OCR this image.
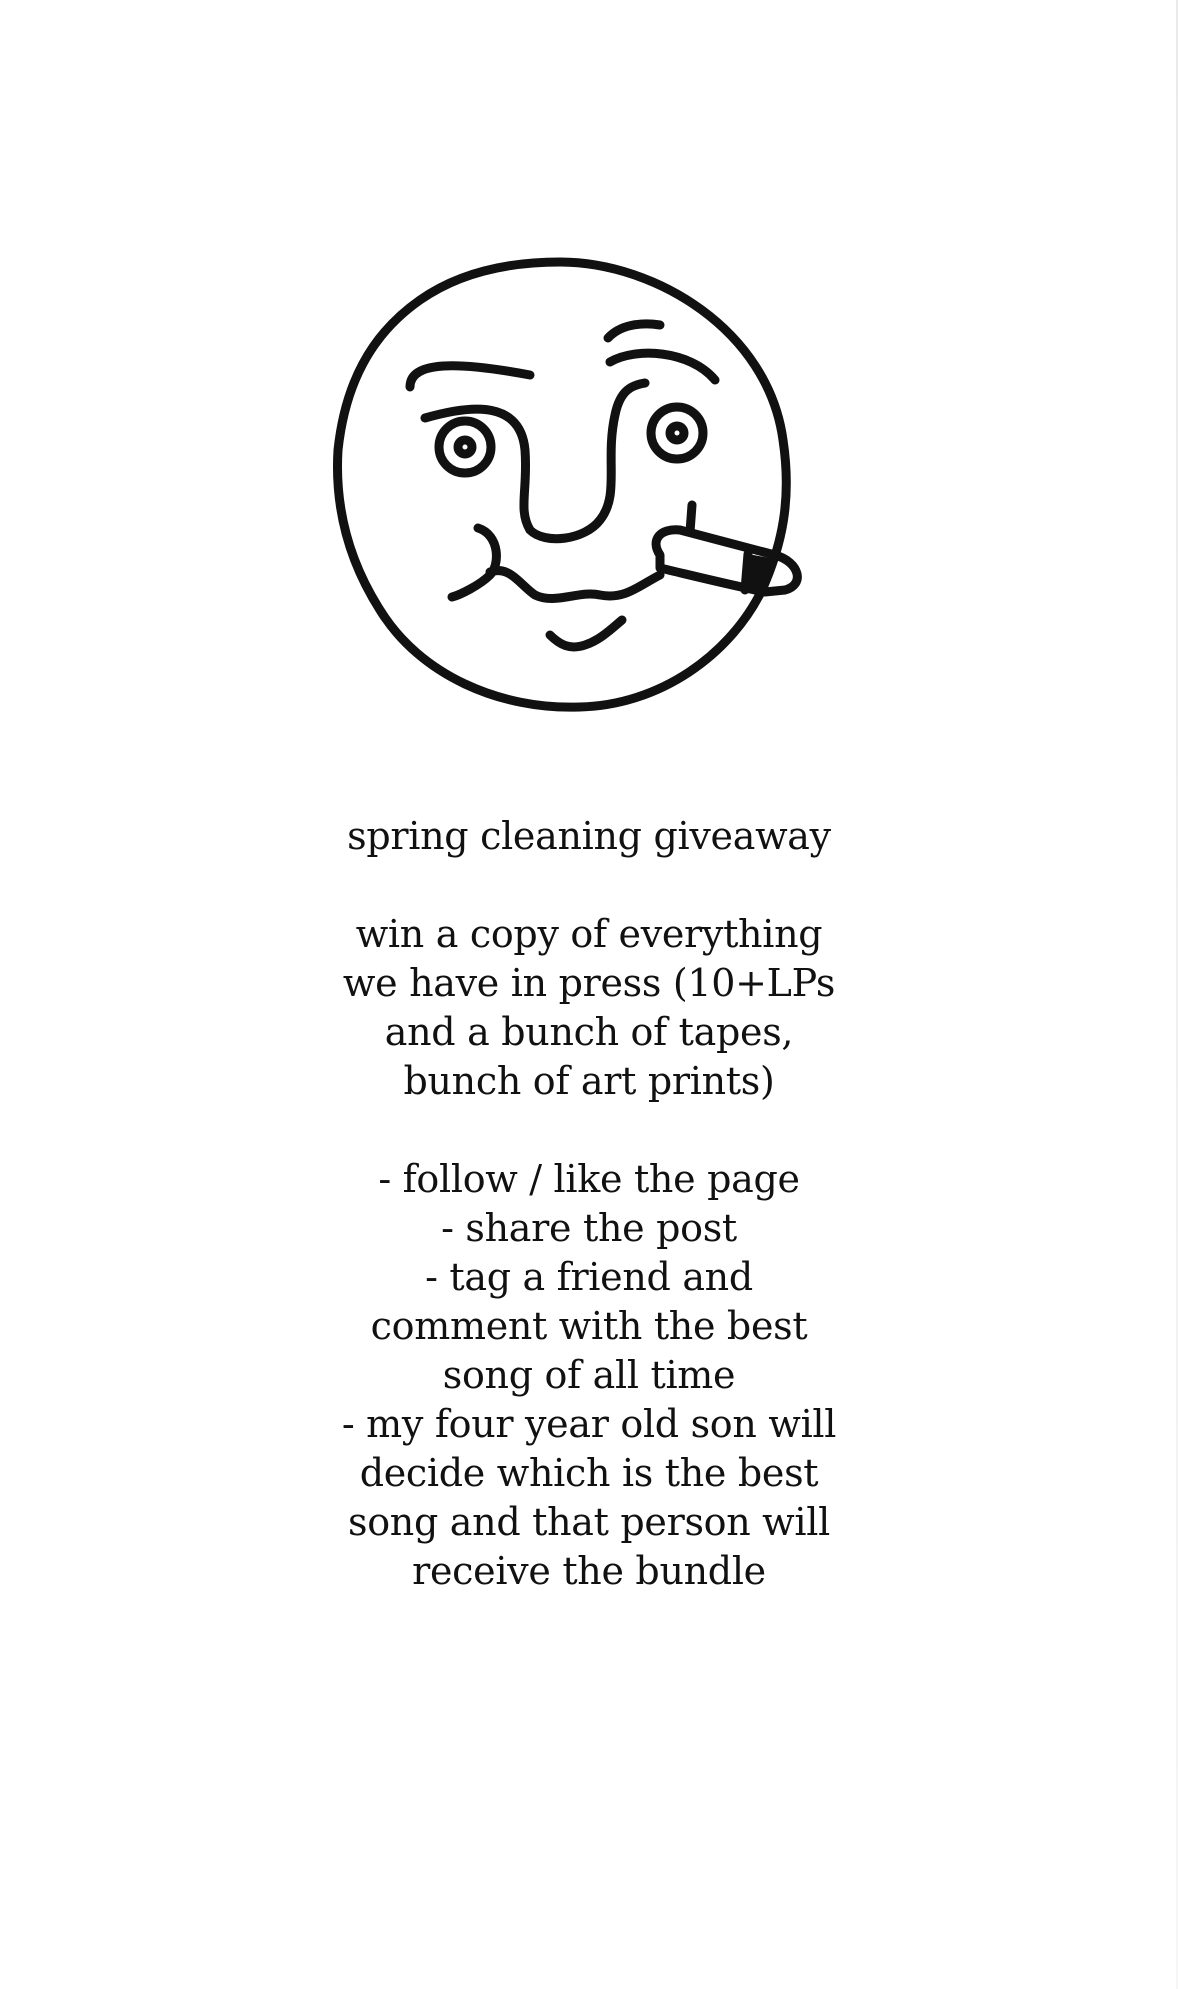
spring cleaning giveaway
win a copy of everything
we have in press (10+LPs
and a bunch of tapes,
bunch of art prints)
- follow / like the page
- share the post
- tag a friend and
comment with the best
song of all time
- my four year old son will
decide which is the best
song and that person will
receive the bundle
